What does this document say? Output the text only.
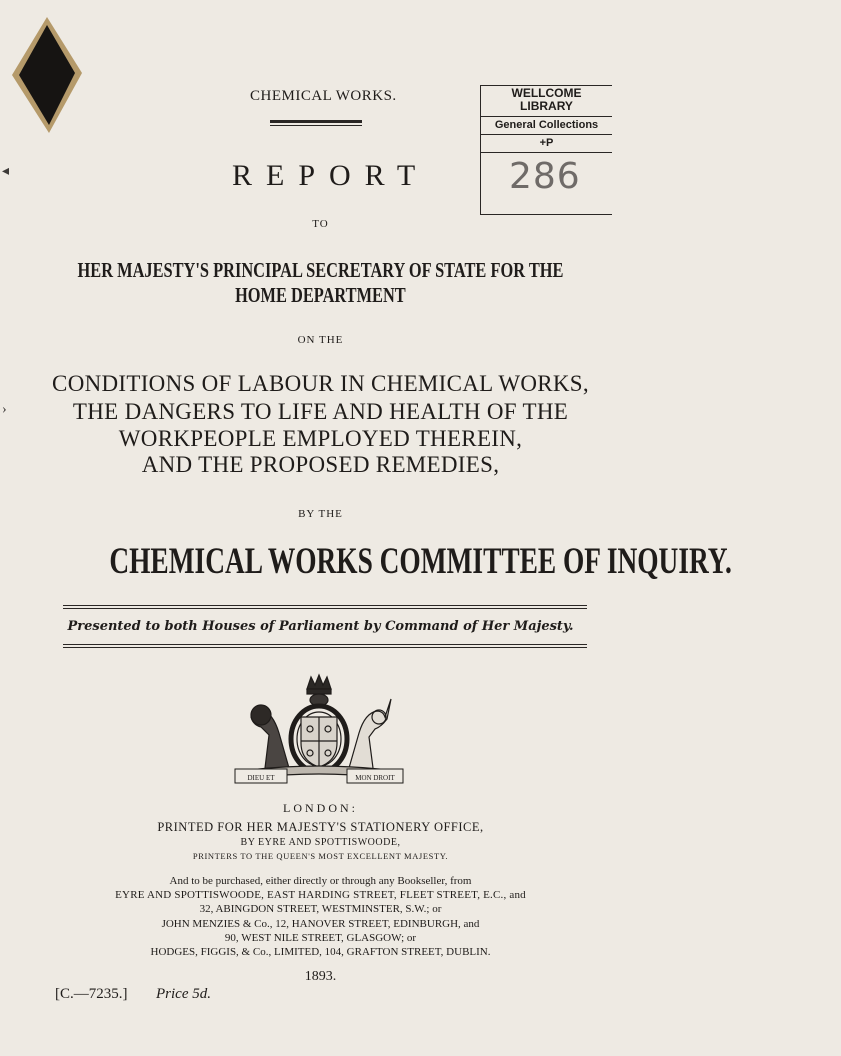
◂
›
CHEMICAL WORKS.	WELLCOME
LIBRARY
General Collections
+P
286
REPORT
TO
HER MAJESTY'S PRINCIPAL SECRETARY OF STATE FOR THE
HOME DEPARTMENT
ON THE
CONDITIONS OF LABOUR IN CHEMICAL WORKS,
THE DANGERS TO LIFE AND HEALTH OF THE
WORKPEOPLE EMPLOYED THEREIN,
AND THE PROPOSED REMEDIES,
BY THE
CHEMICAL WORKS COMMITTEE OF INQUIRY.
Presented to both Houses of Parliament by Command of Her Majesty.
DIEU ET	MON DROIT
LONDON:
PRINTED FOR HER MAJESTY'S STATIONERY OFFICE,
BY EYRE AND SPOTTISWOODE,
PRINTERS TO THE QUEEN'S MOST EXCELLENT MAJESTY.
And to be purchased, either directly or through any Bookseller, from
EYRE AND SPOTTISWOODE, EAST HARDING STREET, FLEET STREET, E.C., and
32, ABINGDON STREET, WESTMINSTER, S.W.; or
JOHN MENZIES & Co., 12, HANOVER STREET, EDINBURGH, and
90, WEST NILE STREET, GLASGOW; or
HODGES, FIGGIS, & Co., LIMITED, 104, GRAFTON STREET, DUBLIN.
1893.
[C.—7235.] Price 5d.
